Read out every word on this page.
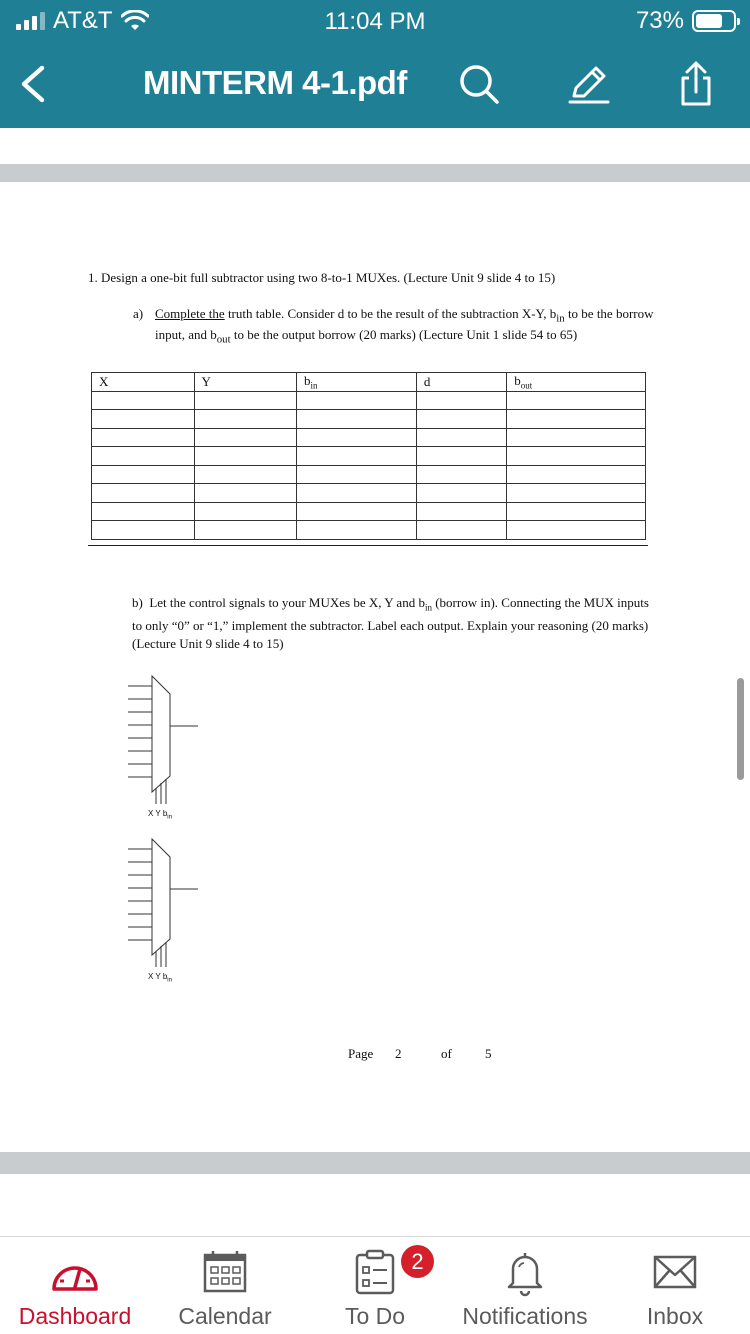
AT&T	11:04 PM	73%
MINTERM 4-1.pdf
1. Design a one-bit full subtractor using two 8-to-1 MUXes. (Lecture Unit 9 slide 4 to 15)
a) Complete the truth table. Consider d to be the result of the subtraction X-Y, $b_{in}$ to be the borrow input, and $b_{out}$ to be the output borrow (20 marks) (Lecture Unit 1 slide 54 to 65)
X	Y	$b_{in}$	d	$b_{out}$

b) Let the control signals to your MUXes be X, Y and $b_{in}$ (borrow in). Connecting the MUX inputs to only “0” or “1,” implement the subtractor. Label each output. Explain your reasoning (20 marks) (Lecture Unit 9 slide 4 to 15)
X Y $b_{in}$
X Y $b_{in}$
Page 2	of	5
Dashboard	Calendar
2
To Do	Notifications	Inbox
